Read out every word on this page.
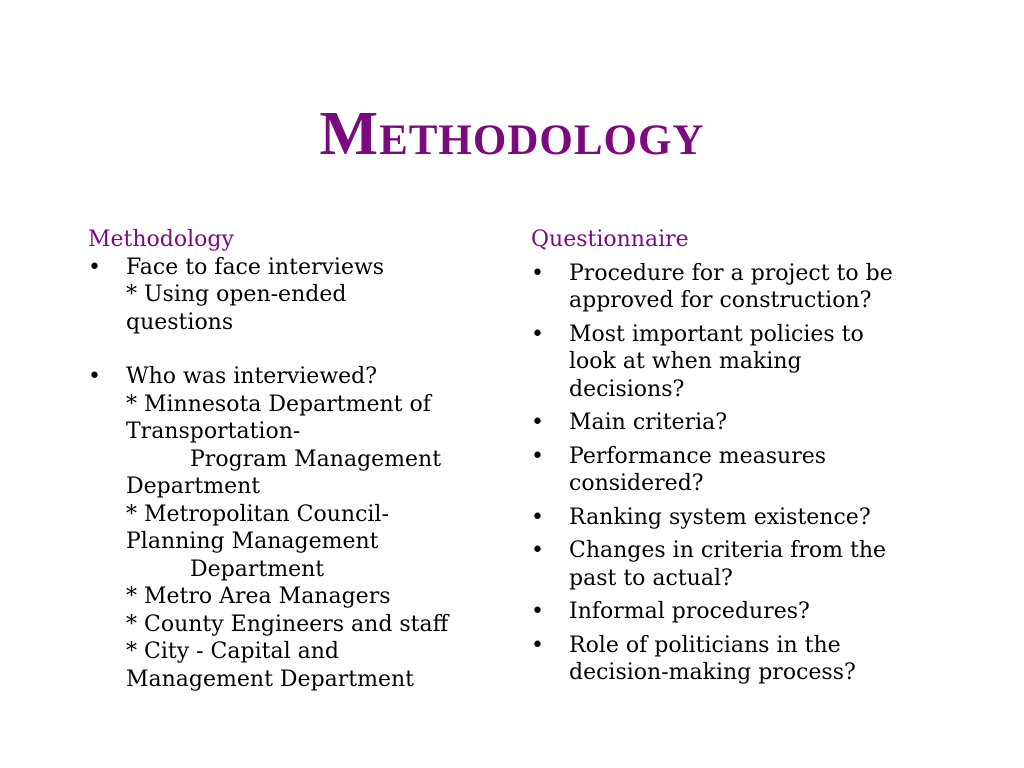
Methodology
Methodology
•	Face to face interviews
* Using open-ended
questions
•	Who was interviewed?
* Minnesota Department of
Transportation-
Program Management
Department
* Metropolitan Council-
Planning Management
Department
* Metro Area Managers
* County Engineers and staff
* City - Capital and
Management Department
Questionnaire
•	Procedure for a project to be
approved for construction?
•	Most important policies to
look at when making
decisions?
•	Main criteria?
•	Performance measures
considered?
•	Ranking system existence?
•	Changes in criteria from the
past to actual?
•	Informal procedures?
•	Role of politicians in the
decision-making process?
